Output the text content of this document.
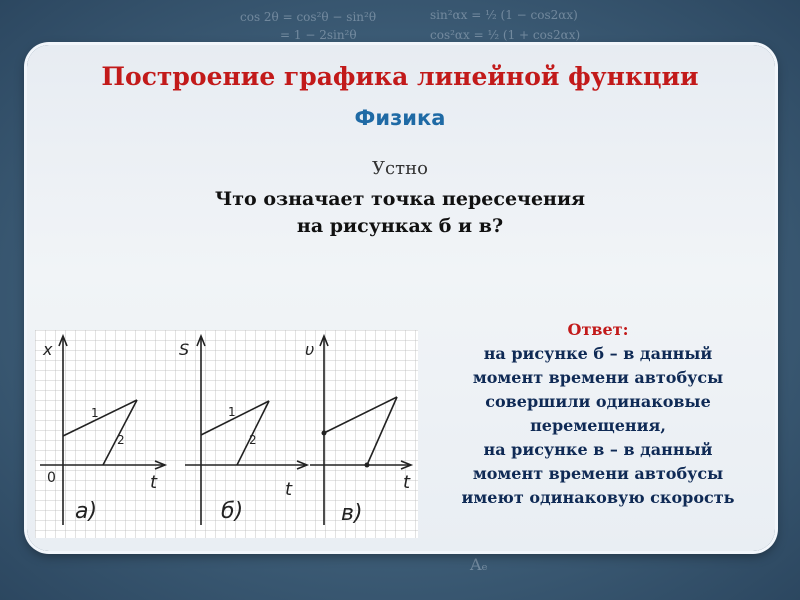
cos 2θ = cos²θ − sin²θ
= 1 − 2sin²θ
sin²αx = ½ (1 − cos2αx)
cos²αx = ½ (1 + cos2αx)
Aₑ
Построение графика линейной функции
Физика
Устно
Что означает точка пересечения
на рисунках б и в?
x
t
0
1
2
а)
S
t
1
2
б)
υ
t
в)
Ответ:
на рисунке б – в данный
момент времени автобусы
совершили одинаковые
перемещения,
на рисунке в – в данный
момент времени автобусы
имеют одинаковую скорость
